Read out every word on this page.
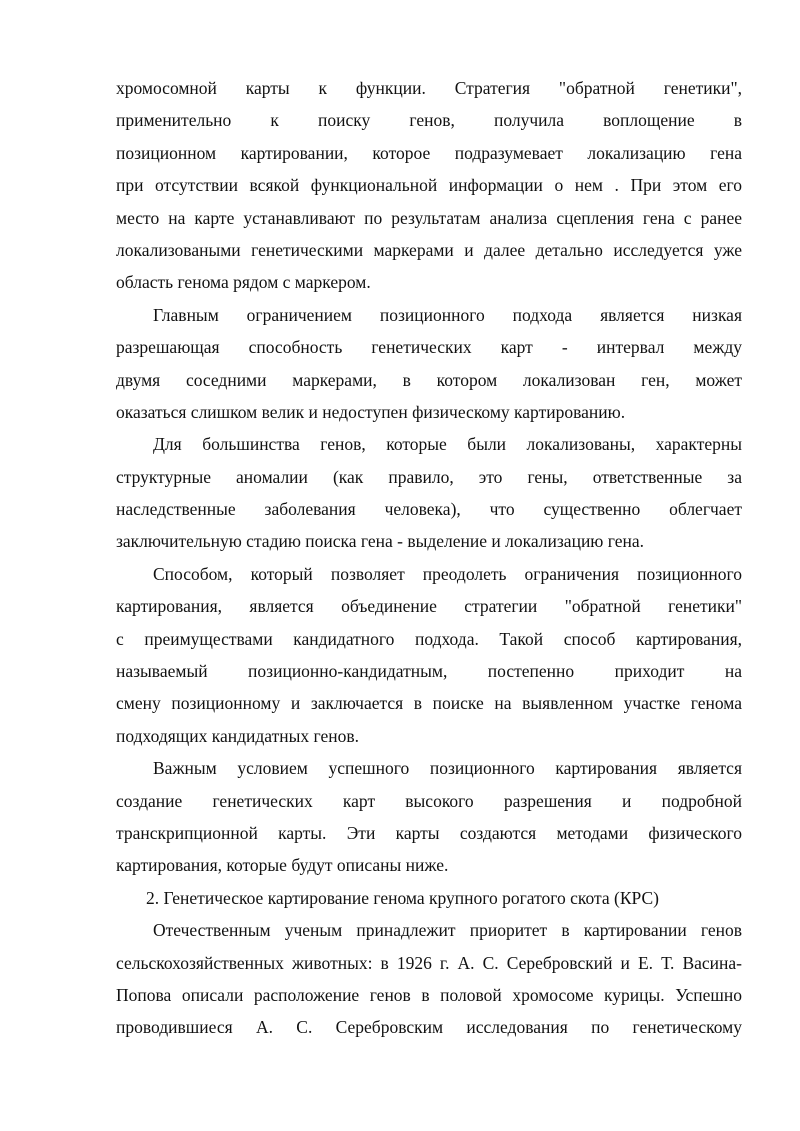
хромосомной карты к функции. Стратегия "обратной генетики",
применительно к поиску генов, получила воплощение в
позиционном картировании, которое подразумевает локализацию гена
при отсутствии всякой функциональной информации о нем . При этом его
место на карте устанавливают по результатам анализа сцепления гена с ранее
локализоваными генетическими маркерами и далее детально исследуется уже
область генома рядом с маркером.

Главным ограничением позиционного подхода является низкая
разрешающая способность генетических карт - интервал между
двумя соседними маркерами, в котором локализован ген, может
оказаться слишком велик и недоступен физическому картированию.

Для большинства генов, которые были локализованы, характерны
структурные аномалии (как правило, это гены, ответственные за
наследственные заболевания человека), что существенно облегчает
заключительную стадию поиска гена - выделение и локализацию гена.

Способом, который позволяет преодолеть ограничения позиционного
картирования, является объединение стратегии "обратной генетики"
с преимуществами кандидатного подхода. Такой способ картирования,
называемый позиционно-кандидатным, постепенно приходит на
смену позиционному и заключается в поиске на выявленном участке генома
подходящих кандидатных генов.

Важным условием успешного позиционного картирования является
создание генетических карт высокого разрешения и подробной
транскрипционной карты. Эти карты создаются методами физического
картирования, которые будут описаны ниже.

2. Генетическое картирование генома крупного рогатого скота (КРС)

Отечественным ученым принадлежит приоритет в картировании генов
сельскохозяйственных животных: в 1926 г. А. С. Серебровский и Е. Т. Васина-
Попова описали расположение генов в половой хромосоме курицы. Успешно
проводившиеся А. С. Серебровским исследования по генетическому
